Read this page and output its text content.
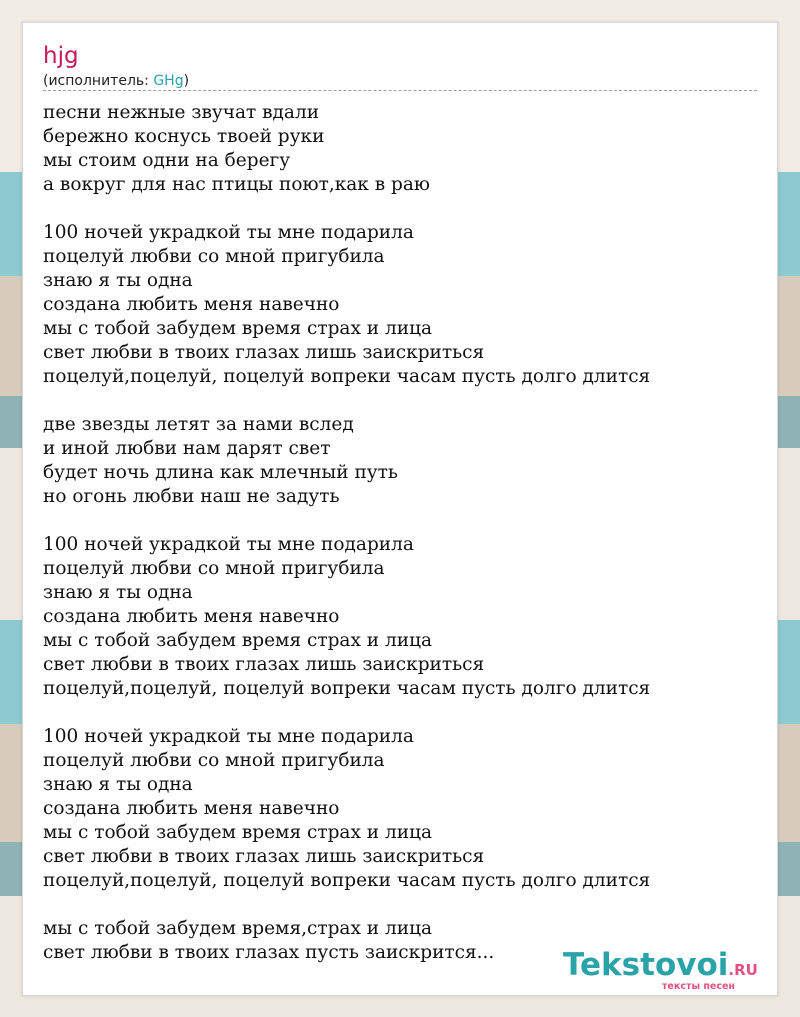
hjg
(исполнитель: GHg)
песни нежные звучат вдали
бережно коснусь твоей руки
мы стоим одни на берегу
а вокруг для нас птицы поют,как в раю

100 ночей украдкой ты мне подарила
поцелуй любви со мной пригубила
знаю я ты одна
создана любить меня навечно
мы с тобой забудем время страх и лица
свет любви в твоих глазах лишь заискриться
поцелуй,поцелуй, поцелуй вопреки часам пусть долго длится

две звезды летят за нами вслед
и иной любви нам дарят свет
будет ночь длина как млечный путь
но огонь любви наш не задуть

100 ночей украдкой ты мне подарила
поцелуй любви со мной пригубила
знаю я ты одна
создана любить меня навечно
мы с тобой забудем время страх и лица
свет любви в твоих глазах лишь заискриться
поцелуй,поцелуй, поцелуй вопреки часам пусть долго длится

100 ночей украдкой ты мне подарила
поцелуй любви со мной пригубила
знаю я ты одна
создана любить меня навечно
мы с тобой забудем время страх и лица
свет любви в твоих глазах лишь заискриться
поцелуй,поцелуй, поцелуй вопреки часам пусть долго длится

мы с тобой забудем время,страх и лица
свет любви в твоих глазах пусть заискрится...	Tekstovoi.RU
тексты песен
